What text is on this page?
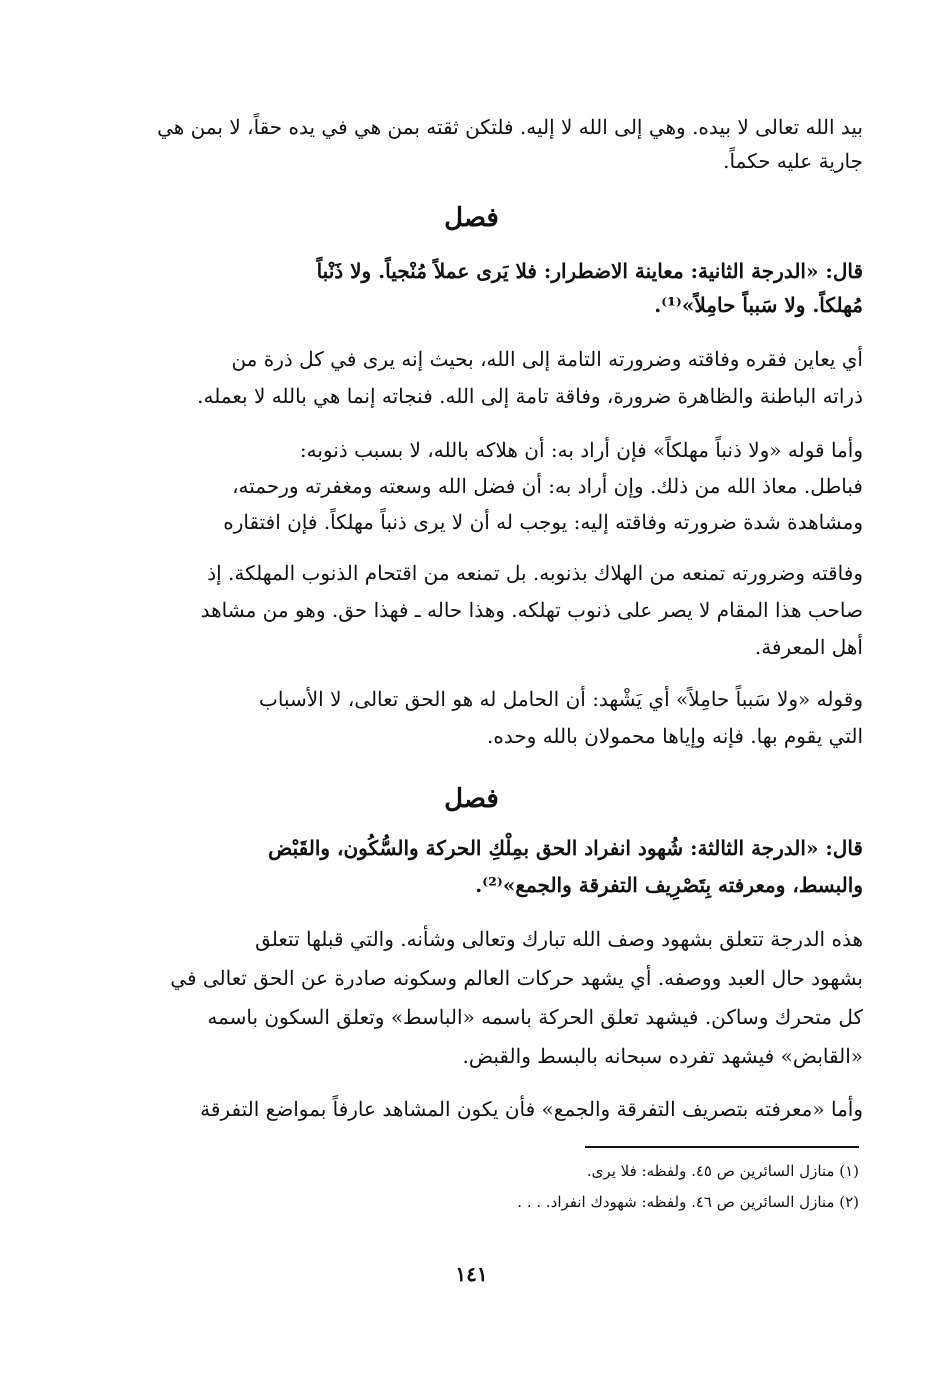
بيد الله تعالى لا بيده. وهي إلى الله لا إليه. فلتكن ثقته بمن هي في يده حقاً، لا بمن هي
جارية عليه حكماً.
فصل
قال: «الدرجة الثانية: معاينة الاضطرار: فلا يَرى عملاً مُنْجياً. ولا ذَنْباً
مُهلكاً. ولا سَبباً حامِلاً»⁽¹⁾.
أي يعاين فقره وفاقته وضرورته التامة إلى الله، بحيث إنه يرى في كل ذرة من
ذراته الباطنة والظاهرة ضرورة، وفاقة تامة إلى الله. فنجاته إنما هي بالله لا بعمله.
وأما قوله «ولا ذنباً مهلكاً» فإن أراد به: أن هلاكه بالله، لا بسبب ذنوبه:
فباطل. معاذ الله من ذلك. وإن أراد به: أن فضل الله وسعته ومغفرته ورحمته،
ومشاهدة شدة ضرورته وفاقته إليه: يوجب له أن لا يرى ذنباً مهلكاً. فإن افتقاره
وفاقته وضرورته تمنعه من الهلاك بذنوبه. بل تمنعه من اقتحام الذنوب المهلكة. إذ
صاحب هذا المقام لا يصر على ذنوب تهلكه. وهذا حاله ـ فهذا حق. وهو من مشاهد
أهل المعرفة.
وقوله «ولا سَبباً حامِلاً» أي يَشْهد: أن الحامل له هو الحق تعالى، لا الأسباب
التي يقوم بها. فإنه وإياها محمولان بالله وحده.
فصل
قال: «الدرجة الثالثة: شُهود انفراد الحق بمِلْكِ الحركة والسُّكُون، والقَبْض
والبسط، ومعرفته بِتَصْرِيف التفرقة والجمع»⁽²⁾.
هذه الدرجة تتعلق بشهود وصف الله تبارك وتعالى وشأنه. والتي قبلها تتعلق
بشهود حال العبد ووصفه. أي يشهد حركات العالم وسكونه صادرة عن الحق تعالى في
كل متحرك وساكن. فيشهد تعلق الحركة باسمه «الباسط» وتعلق السكون باسمه
«القابض» فيشهد تفرده سبحانه بالبسط والقبض.
وأما «معرفته بتصريف التفرقة والجمع» فأن يكون المشاهد عارفاً بمواضع التفرقة
(١) منازل السائرين ص ٤٥. ولفظه: فلا يرى.
(٢) منازل السائرين ص ٤٦. ولفظه: شهودك انفراد. . . .
١٤١
